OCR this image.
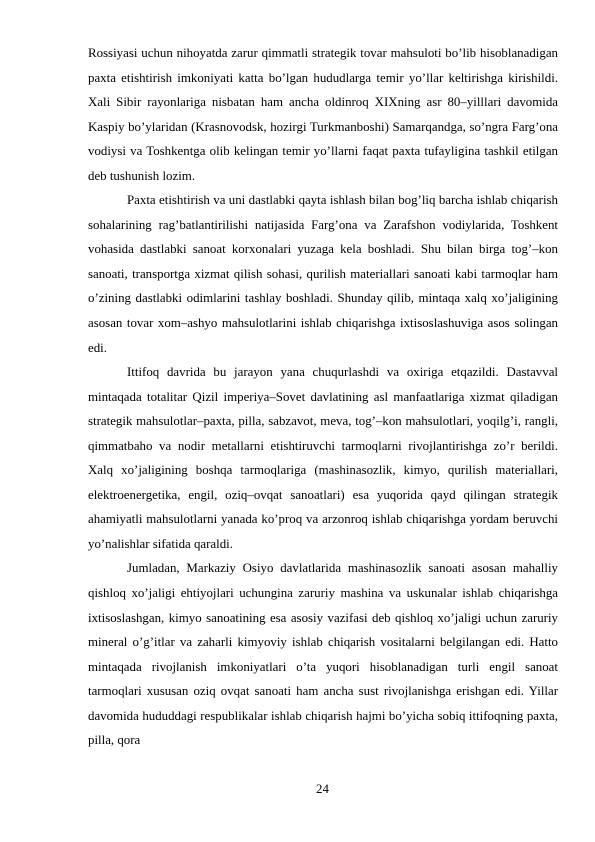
Rossiyasi uchun nihoyatda zarur qimmatli strategik tovar mahsuloti bo’lib hisoblanadigan paxta etishtirish imkoniyati katta bo’lgan hududlarga temir yo’llar keltirishga kirishildi. Xali Sibir rayonlariga nisbatan ham ancha oldinroq XIXning asr 80–yilllari davomida Kaspiy bo’ylaridan (Krasnovodsk, hozirgi Turkmanboshi) Samarqandga, so’ngra Farg’ona vodiysi va Toshkentga olib kelingan temir yo’llarni faqat paxta tufayligina tashkil etilgan deb tushunish lozim.

Paxta etishtirish va uni dastlabki qayta ishlash bilan bog’liq barcha ishlab chiqarish sohalarining rag’batlantirilishi natijasida Farg’ona va Zarafshon vodiylarida, Toshkent vohasida dastlabki sanoat korxonalari yuzaga kela boshladi. Shu bilan birga tog’–kon sanoati, transportga xizmat qilish sohasi, qurilish materiallari sanoati kabi tarmoqlar ham o’zining dastlabki odimlarini tashlay boshladi. Shunday qilib, mintaqa xalq xo’jaligining asosan tovar xom–ashyo mahsulotlarini ishlab chiqarishga ixtisoslashuviga asos solingan edi.

Ittifoq davrida bu jarayon yana chuqurlashdi va oxiriga etqazildi. Dastavval mintaqada totalitar Qizil imperiya–Sovet davlatining asl manfaatlariga xizmat qiladigan strategik mahsulotlar–paxta, pilla, sabzavot, meva, tog’–kon mahsulotlari, yoqilg’i, rangli, qimmatbaho va nodir metallarni etishtiruvchi tarmoqlarni rivojlantirishga zo’r berildi. Xalq xo’jaligining boshqa tarmoqlariga (mashinasozlik, kimyo, qurilish materiallari, elektroenergetika, engil, oziq–ovqat sanoatlari) esa yuqorida qayd qilingan strategik ahamiyatli mahsulotlarni yanada ko’proq va arzonroq ishlab chiqarishga yordam beruvchi yo’nalishlar sifatida qaraldi.

Jumladan, Markaziy Osiyo davlatlarida mashinasozlik sanoati asosan mahalliy qishloq xo’jaligi ehtiyojlari uchungina zaruriy mashina va uskunalar ishlab chiqarishga ixtisoslashgan, kimyo sanoatining esa asosiy vazifasi deb qishloq xo’jaligi uchun zaruriy mineral o’g’itlar va zaharli kimyoviy ishlab chiqarish vositalarni belgilangan edi. Hatto mintaqada rivojlanish imkoniyatlari o’ta yuqori hisoblanadigan turli engil sanoat tarmoqlari xususan oziq ovqat sanoati ham ancha sust rivojlanishga erishgan edi. Yillar davomida hududdagi respublikalar ishlab chiqarish hajmi bo’yicha sobiq ittifoqning paxta, pilla, qora

24
